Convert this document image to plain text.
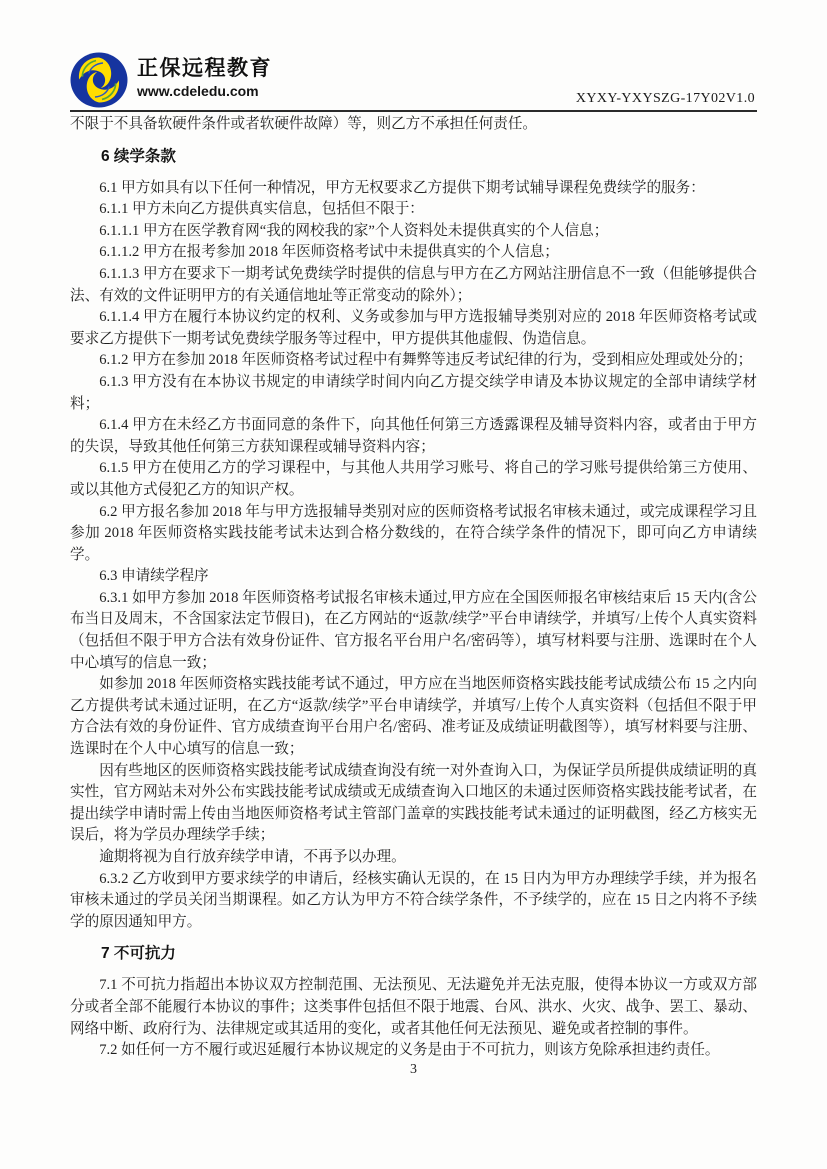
正保远程教育
www.cdeledu.com	XYXY-YXYSZG-17Y02V1.0

不限于不具备软硬件条件或者软硬件故障）等，则乙方不承担任何责任。

6 续学条款

6.1 甲方如具有以下任何一种情况，甲方无权要求乙方提供下期考试辅导课程免费续学的服务：

6.1.1 甲方未向乙方提供真实信息，包括但不限于：

6.1.1.1 甲方在医学教育网“我的网校我的家”个人资料处未提供真实的个人信息；

6.1.1.2 甲方在报考参加 2018 年医师资格考试中未提供真实的个人信息；

6.1.1.3 甲方在要求下一期考试免费续学时提供的信息与甲方在乙方网站注册信息不一致（但能够提供合法、有效的文件证明甲方的有关通信地址等正常变动的除外）；

6.1.1.4 甲方在履行本协议约定的权利、义务或参加与甲方选报辅导类别对应的 2018 年医师资格考试或要求乙方提供下一期考试免费续学服务等过程中，甲方提供其他虚假、伪造信息。

6.1.2 甲方在参加 2018 年医师资格考试过程中有舞弊等违反考试纪律的行为，受到相应处理或处分的；

6.1.3 甲方没有在本协议书规定的申请续学时间内向乙方提交续学申请及本协议规定的全部申请续学材料；

6.1.4 甲方在未经乙方书面同意的条件下，向其他任何第三方透露课程及辅导资料内容，或者由于甲方的失误，导致其他任何第三方获知课程或辅导资料内容；

6.1.5 甲方在使用乙方的学习课程中，与其他人共用学习账号、将自己的学习账号提供给第三方使用、或以其他方式侵犯乙方的知识产权。

6.2 甲方报名参加 2018 年与甲方选报辅导类别对应的医师资格考试报名审核未通过，或完成课程学习且参加 2018 年医师资格实践技能考试未达到合格分数线的，在符合续学条件的情况下，即可向乙方申请续学。

6.3 申请续学程序

6.3.1 如甲方参加 2018 年医师资格考试报名审核未通过,甲方应在全国医师报名审核结束后 15 天内(含公布当日及周末，不含国家法定节假日)，在乙方网站的“返款/续学”平台申请续学，并填写/上传个人真实资料（包括但不限于甲方合法有效身份证件、官方报名平台用户名/密码等），填写材料要与注册、选课时在个人中心填写的信息一致；

如参加 2018 年医师资格实践技能考试不通过，甲方应在当地医师资格实践技能考试成绩公布 15 之内向乙方提供考试未通过证明，在乙方“返款/续学”平台申请续学，并填写/上传个人真实资料（包括但不限于甲方合法有效的身份证件、官方成绩查询平台用户名/密码、准考证及成绩证明截图等），填写材料要与注册、选课时在个人中心填写的信息一致；

因有些地区的医师资格实践技能考试成绩查询没有统一对外查询入口，为保证学员所提供成绩证明的真实性，官方网站未对外公布实践技能考试成绩或无成绩查询入口地区的未通过医师资格实践技能考试者，在提出续学申请时需上传由当地医师资格考试主管部门盖章的实践技能考试未通过的证明截图，经乙方核实无误后，将为学员办理续学手续；

逾期将视为自行放弃续学申请，不再予以办理。

6.3.2 乙方收到甲方要求续学的申请后，经核实确认无误的，在 15 日内为甲方办理续学手续，并为报名审核未通过的学员关闭当期课程。如乙方认为甲方不符合续学条件，不予续学的，应在 15 日之内将不予续学的原因通知甲方。

7 不可抗力

7.1 不可抗力指超出本协议双方控制范围、无法预见、无法避免并无法克服，使得本协议一方或双方部分或者全部不能履行本协议的事件；这类事件包括但不限于地震、台风、洪水、火灾、战争、罢工、暴动、网络中断、政府行为、法律规定或其适用的变化，或者其他任何无法预见、避免或者控制的事件。

7.2 如任何一方不履行或迟延履行本协议规定的义务是由于不可抗力，则该方免除承担违约责任。

3
